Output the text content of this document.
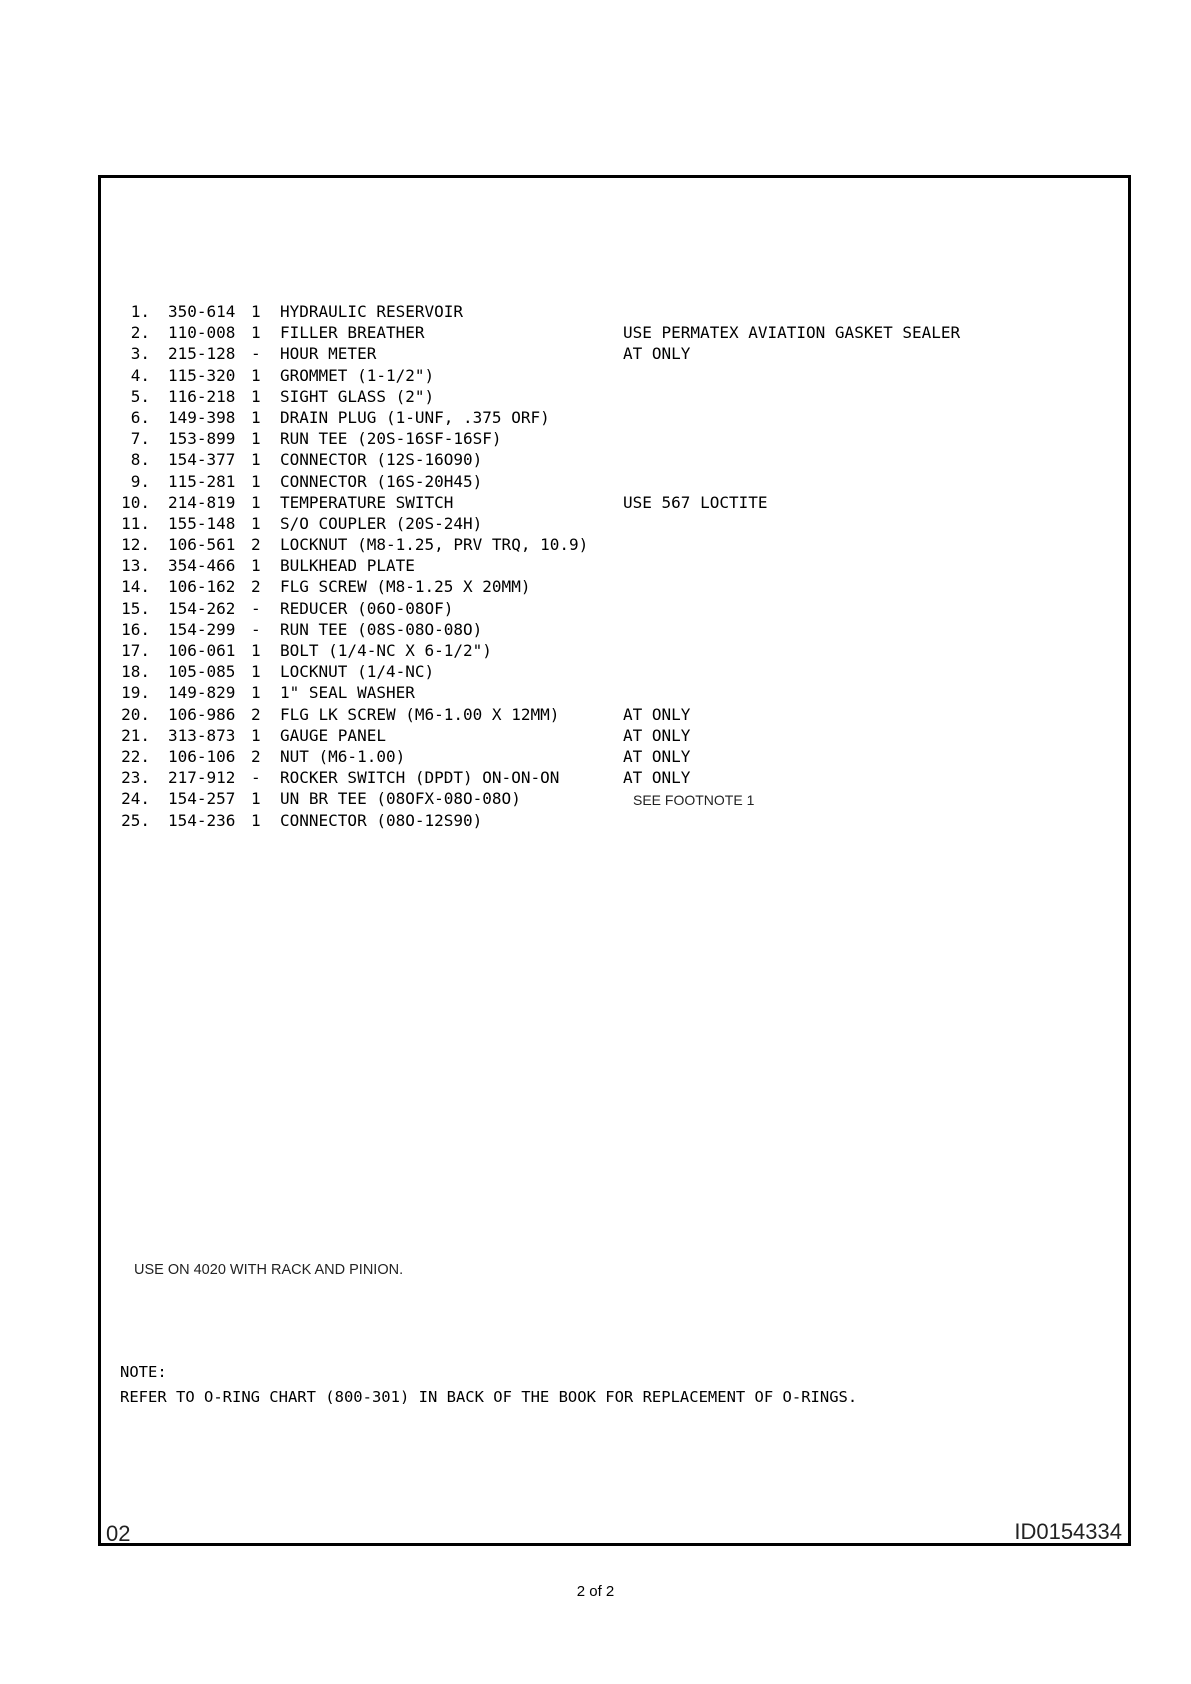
1. 350-614 1 HYDRAULIC RESERVOIR
2. 110-008 1 FILLER BREATHER	USE PERMATEX AVIATION GASKET SEALER
3. 215-128 - HOUR METER	AT ONLY
4. 115-320 1 GROMMET (1-1/2")
5. 116-218 1 SIGHT GLASS (2")
6. 149-398 1 DRAIN PLUG (1-UNF, .375 ORF)
7. 153-899 1 RUN TEE (20S-16SF-16SF)
8. 154-377 1 CONNECTOR (12S-16O90)
9. 115-281 1 CONNECTOR (16S-20H45)
10. 214-819 1 TEMPERATURE SWITCH	USE 567 LOCTITE
11. 155-148 1 S/O COUPLER (20S-24H)
12. 106-561 2 LOCKNUT (M8-1.25, PRV TRQ, 10.9)
13. 354-466 1 BULKHEAD PLATE
14. 106-162 2 FLG SCREW (M8-1.25 X 20MM)
15. 154-262 - REDUCER (06O-08OF)
16. 154-299 - RUN TEE (08S-08O-08O)
17. 106-061 1 BOLT (1/4-NC X 6-1/2")
18. 105-085 1 LOCKNUT (1/4-NC)
19. 149-829 1 1" SEAL WASHER
20. 106-986 2 FLG LK SCREW (M6-1.00 X 12MM)	AT ONLY
21. 313-873 1 GAUGE PANEL	AT ONLY
22. 106-106 2 NUT (M6-1.00)	AT ONLY
23. 217-912 - ROCKER SWITCH (DPDT) ON-ON-ON	AT ONLY
24. 154-257 1 UN BR TEE (08OFX-08O-08O)	SEE FOOTNOTE 1
25. 154-236 1 CONNECTOR (08O-12S90)
USE ON 4020 WITH RACK AND PINION.
NOTE:
REFER TO O-RING CHART (800-301) IN BACK OF THE BOOK FOR REPLACEMENT OF O-RINGS.
02	ID0154334
2 of 2
